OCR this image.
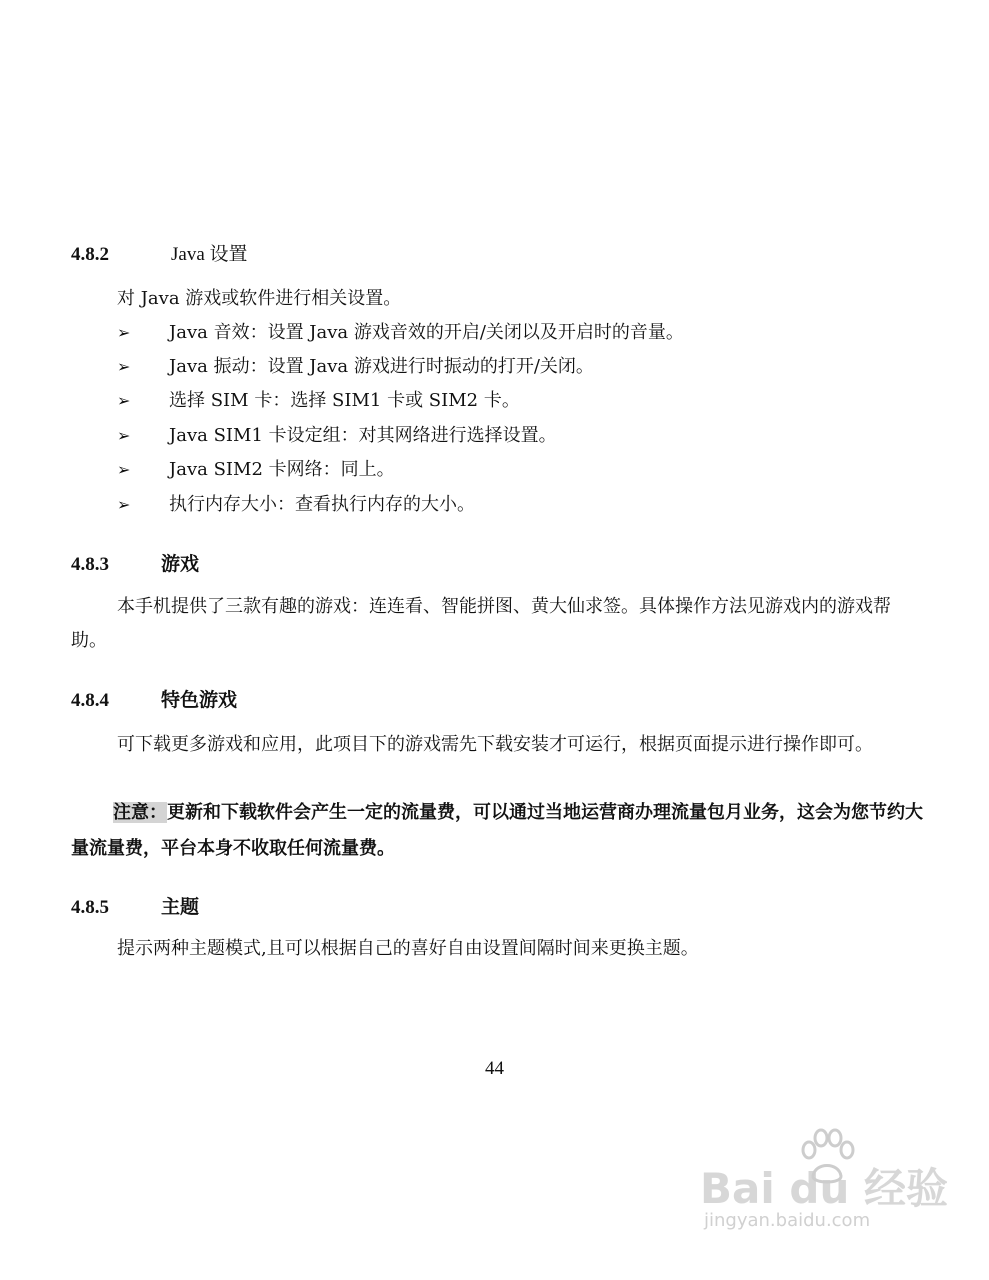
4.8.2	Java 设置

对 Java 游戏或软件进行相关设置。

➢ Java 音效：设置 Java 游戏音效的开启/关闭以及开启时的音量。
➢ Java 振动：设置 Java 游戏进行时振动的打开/关闭。
➢ 选择 SIM 卡：选择 SIM1 卡或 SIM2 卡。
➢ Java SIM1 卡设定组：对其网络进行选择设置。
➢ Java SIM2 卡网络：同上。
➢ 执行内存大小：查看执行内存的大小。
4.8.3	游戏

本手机提供了三款有趣的游戏：连连看、智能拼图、黄大仙求签。具体操作方法见游戏内的游戏帮助。

4.8.4	特色游戏

可下载更多游戏和应用，此项目下的游戏需先下载安装才可运行，根据页面提示进行操作即可。

注意：更新和下载软件会产生一定的流量费，可以通过当地运营商办理流量包月业务，这会为您节约大量流量费，平台本身不收取任何流量费。

4.8.5	主题

提示两种主题模式,且可以根据自己的喜好自由设置间隔时间来更换主题。

44
Bai du 经验
jingyan.baidu.com
